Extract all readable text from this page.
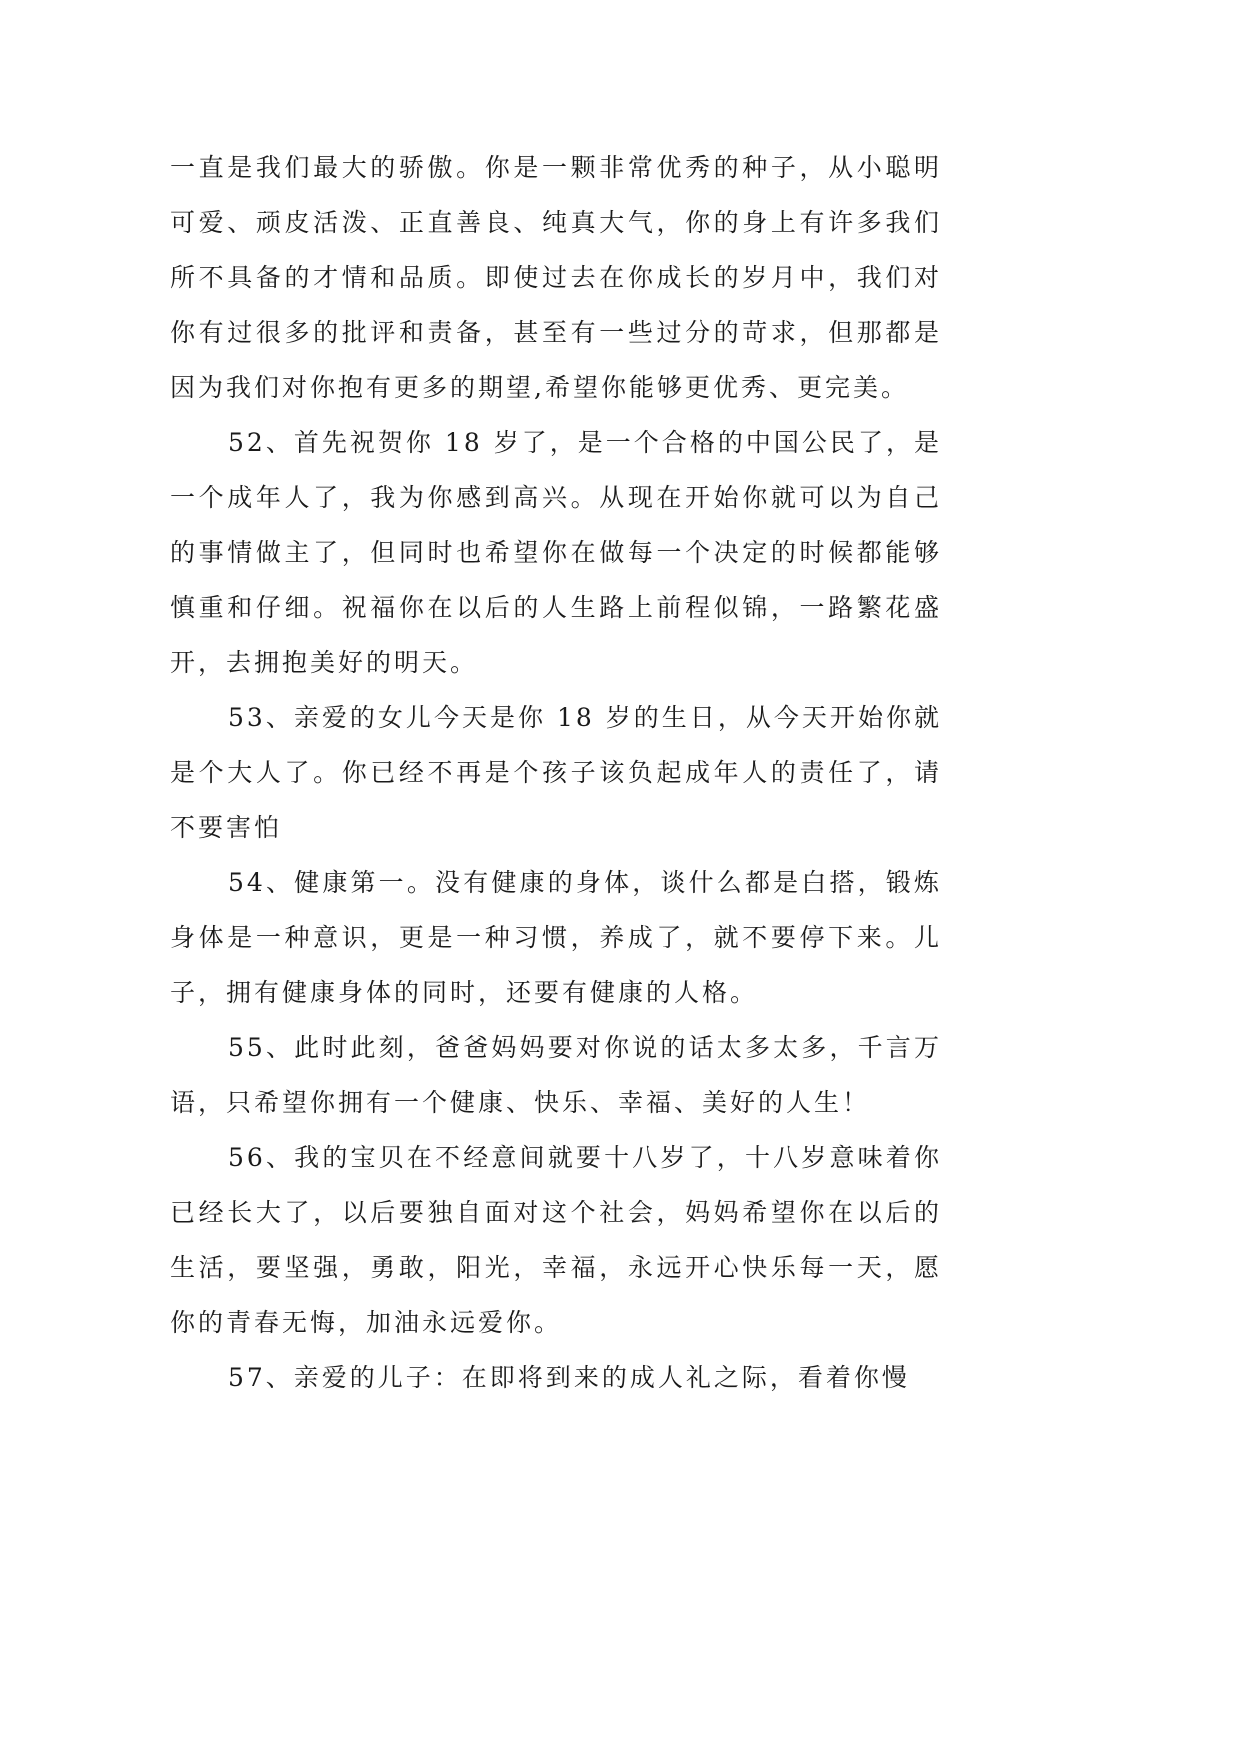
一直是我们最大的骄傲。你是一颗非常优秀的种子，从小聪明可爱、顽皮活泼、正直善良、纯真大气，你的身上有许多我们所不具备的才情和品质。即使过去在你成长的岁月中，我们对你有过很多的批评和责备，甚至有一些过分的苛求，但那都是因为我们对你抱有更多的期望,希望你能够更优秀、更完美。

52、首先祝贺你 18 岁了，是一个合格的中国公民了，是一个成年人了，我为你感到高兴。从现在开始你就可以为自己的事情做主了，但同时也希望你在做每一个决定的时候都能够慎重和仔细。祝福你在以后的人生路上前程似锦，一路繁花盛开，去拥抱美好的明天。

53、亲爱的女儿今天是你 18 岁的生日，从今天开始你就是个大人了。你已经不再是个孩子该负起成年人的责任了，请不要害怕

54、健康第一。没有健康的身体，谈什么都是白搭，锻炼身体是一种意识，更是一种习惯，养成了，就不要停下来。儿子，拥有健康身体的同时，还要有健康的人格。

55、此时此刻，爸爸妈妈要对你说的话太多太多，千言万语，只希望你拥有一个健康、快乐、幸福、美好的人生！

56、我的宝贝在不经意间就要十八岁了，十八岁意味着你已经长大了，以后要独自面对这个社会，妈妈希望你在以后的生活，要坚强，勇敢，阳光，幸福，永远开心快乐每一天，愿你的青春无悔，加油永远爱你。

57、亲爱的儿子：在即将到来的成人礼之际，看着你慢
